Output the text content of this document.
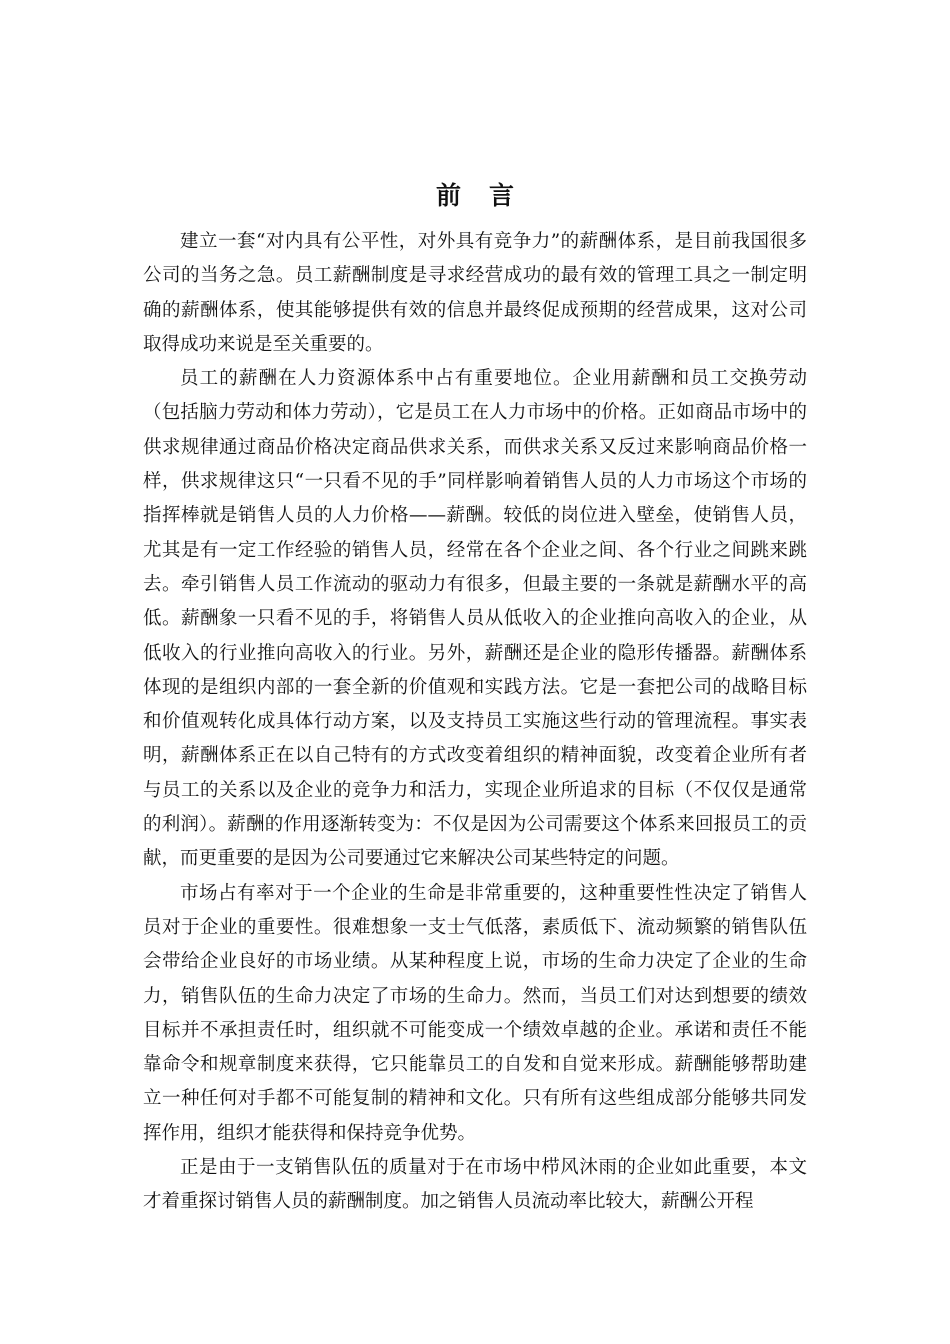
前言

建立一套“对内具有公平性，对外具有竞争力”的薪酬体系，是目前我国很多公司的当务之急。员工薪酬制度是寻求经营成功的最有效的管理工具之一制定明确的薪酬体系，使其能够提供有效的信息并最终促成预期的经营成果，这对公司取得成功来说是至关重要的。

员工的薪酬在人力资源体系中占有重要地位。企业用薪酬和员工交换劳动（包括脑力劳动和体力劳动），它是员工在人力市场中的价格。正如商品市场中的供求规律通过商品价格决定商品供求关系，而供求关系又反过来影响商品价格一样，供求规律这只“一只看不见的手”同样影响着销售人员的人力市场这个市场的指挥棒就是销售人员的人力价格——薪酬。较低的岗位进入壁垒，使销售人员，尤其是有一定工作经验的销售人员，经常在各个企业之间、各个行业之间跳来跳去。牵引销售人员工作流动的驱动力有很多，但最主要的一条就是薪酬水平的高低。薪酬象一只看不见的手，将销售人员从低收入的企业推向高收入的企业，从低收入的行业推向高收入的行业。另外，薪酬还是企业的隐形传播器。薪酬体系体现的是组织内部的一套全新的价值观和实践方法。它是一套把公司的战略目标和价值观转化成具体行动方案，以及支持员工实施这些行动的管理流程。事实表明，薪酬体系正在以自己特有的方式改变着组织的精神面貌，改变着企业所有者与员工的关系以及企业的竞争力和活力，实现企业所追求的目标（不仅仅是通常的利润）。薪酬的作用逐渐转变为：不仅是因为公司需要这个体系来回报员工的贡献，而更重要的是因为公司要通过它来解决公司某些特定的问题。

市场占有率对于一个企业的生命是非常重要的，这种重要性性决定了销售人员对于企业的重要性。很难想象一支士气低落，素质低下、流动频繁的销售队伍会带给企业良好的市场业绩。从某种程度上说，市场的生命力决定了企业的生命力，销售队伍的生命力决定了市场的生命力。然而，当员工们对达到想要的绩效目标并不承担责任时，组织就不可能变成一个绩效卓越的企业。承诺和责任不能靠命令和规章制度来获得，它只能靠员工的自发和自觉来形成。薪酬能够帮助建立一种任何对手都不可能复制的精神和文化。只有所有这些组成部分能够共同发挥作用，组织才能获得和保持竞争优势。

正是由于一支销售队伍的质量对于在市场中栉风沐雨的企业如此重要，本文才着重探讨销售人员的薪酬制度。加之销售人员流动率比较大，薪酬公开程
